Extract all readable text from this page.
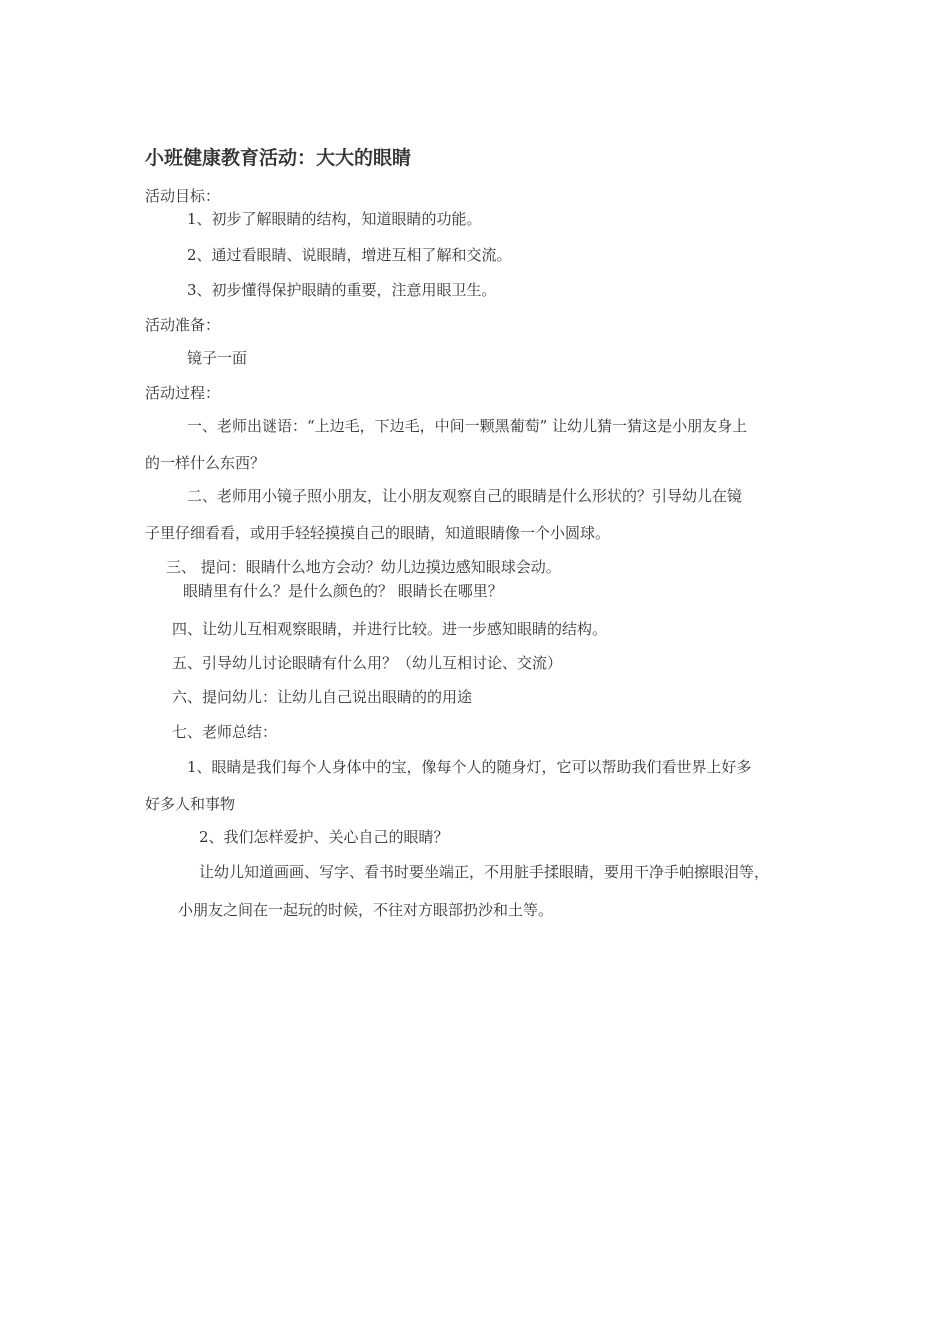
小班健康教育活动：大大的眼睛
活动目标：
1、初步了解眼睛的结构，知道眼睛的功能。
2、通过看眼睛、说眼睛，增进互相了解和交流。
3、初步懂得保护眼睛的重要，注意用眼卫生。
活动准备：
镜子一面
活动过程：
一、老师出谜语：“上边毛，下边毛，中间一颗黑葡萄” 让幼儿猜一猜这是小朋友身上
的一样什么东西？
二、老师用小镜子照小朋友，让小朋友观察自己的眼睛是什么形状的？引导幼儿在镜
子里仔细看看，或用手轻轻摸摸自己的眼睛，知道眼睛像一个小圆球。
三、 提问：眼睛什么地方会动？幼儿边摸边感知眼球会动。
眼睛里有什么？是什么颜色的？ 眼睛长在哪里？
四、让幼儿互相观察眼睛，并进行比较。进一步感知眼睛的结构。
五、引导幼儿讨论眼睛有什么用？（幼儿互相讨论、交流）
六、提问幼儿：让幼儿自己说出眼睛的的用途
七、老师总结：
1、眼睛是我们每个人身体中的宝，像每个人的随身灯，它可以帮助我们看世界上好多
好多人和事物
2、我们怎样爱护、关心自己的眼睛？
让幼儿知道画画、写字、看书时要坐端正，不用脏手揉眼睛，要用干净手帕擦眼泪等，
小朋友之间在一起玩的时候，不往对方眼部扔沙和土等。
